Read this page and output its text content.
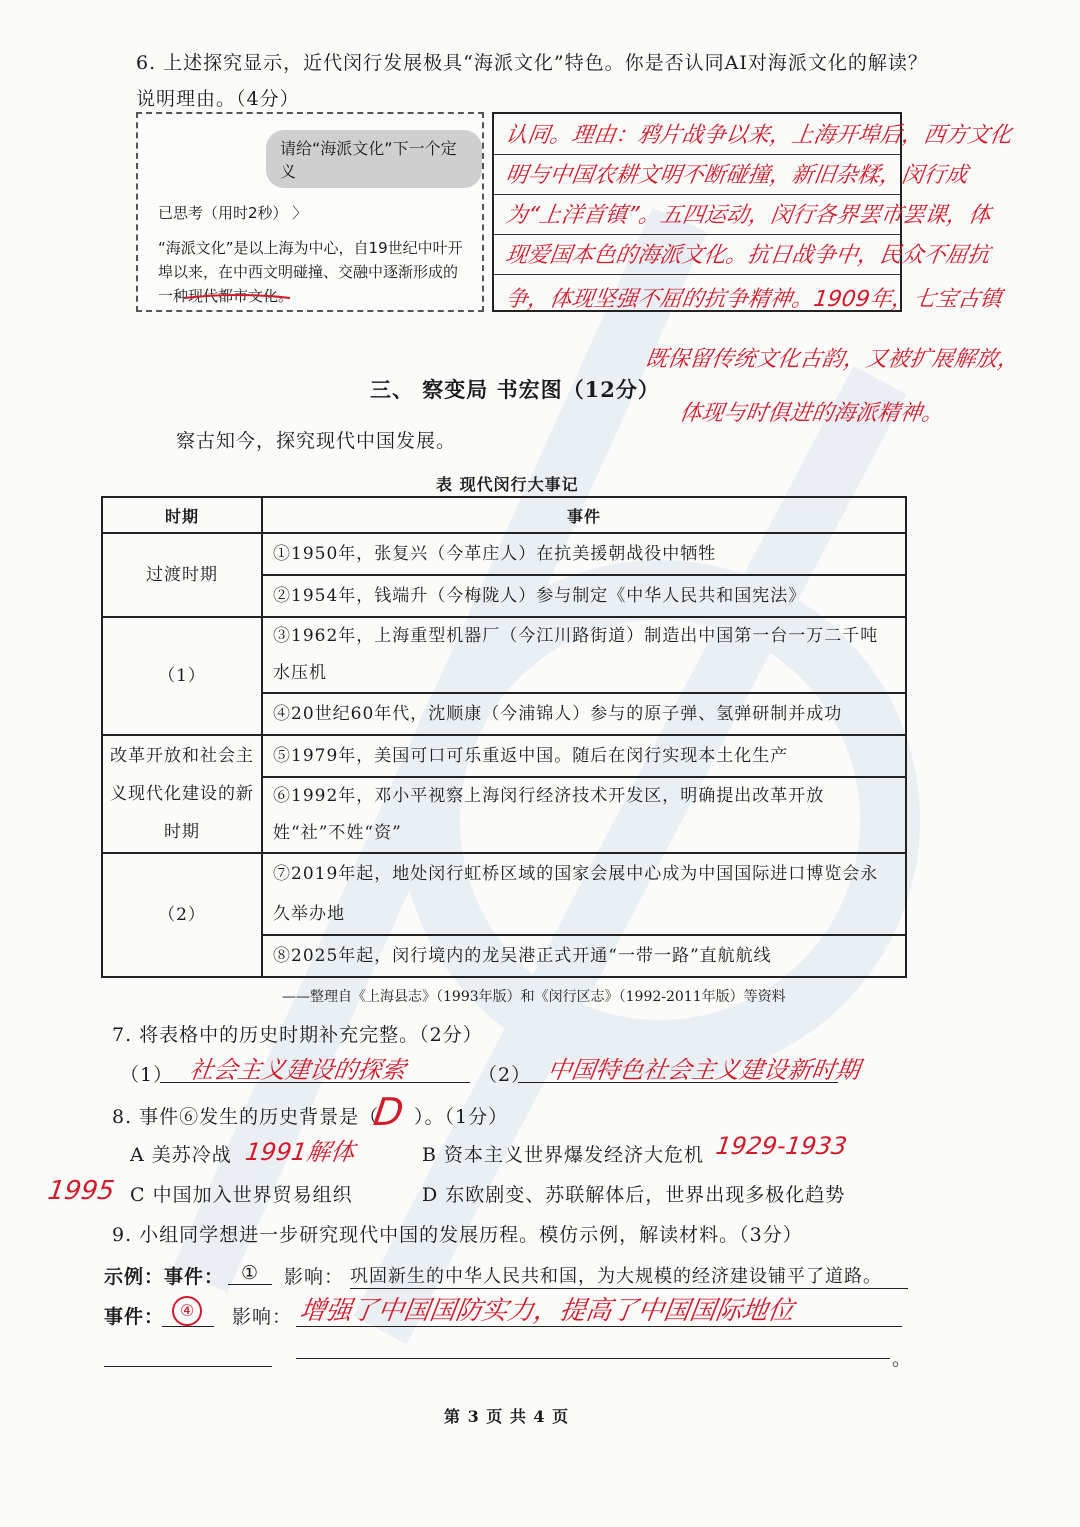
6. 上述探究显示，近代闵行发展极具“海派文化”特色。你是否认同AI对海派文化的解读？
说明理由。（4分）
请给“海派文化”下一个定义
已思考（用时2秒） 〉
“海派文化”是以上海为中心，自19世纪中叶开埠以来，在中西文明碰撞、交融中逐渐形成的一种现代都市文化。
认同。理由：鸦片战争以来，上海开埠后，西方文化
明与中国农耕文明不断碰撞，新旧杂糅，闵行成
为“上洋首镇”。五四运动，闵行各界罢市罢课，体
现爱国本色的海派文化。抗日战争中，民众不屈抗
争，体现坚强不屈的抗争精神。1909年，七宝古镇
既保留传统文化古韵，又被扩展解放，
体现与时俱进的海派精神。
三、 察变局 书宏图（12分）
察古知今，探究现代中国发展。
表 现代闵行大事记
时期	事件
过渡时期	①1950年，张复兴（今革庄人）在抗美援朝战役中牺牲
	②1954年，钱端升（今梅陇人）参与制定《中华人民共和国宪法》
（1）	③1962年，上海重型机器厂（今江川路街道）制造出中国第一台一万二千吨水压机
	④20世纪60年代，沈顺康（今浦锦人）参与的原子弹、氢弹研制并成功
改革开放和社会主义现代化建设的新时期	⑤1979年，美国可口可乐重返中国。随后在闵行实现本土化生产
	⑥1992年，邓小平视察上海闵行经济技术开发区，明确提出改革开放姓“社”不姓“资”
（2）	⑦2019年起，地处闵行虹桥区域的国家会展中心成为中国国际进口博览会永久举办地
	⑧2025年起，闵行境内的龙吴港正式开通“一带一路”直航航线
——整理自《上海县志》（1993年版）和《闵行区志》（1992-2011年版）等资料
7. 将表格中的历史时期补充完整。（2分）
（1） 社会主义建设的探索	（2） 中国特色社会主义建设新时期
8. 事件⑥发生的历史背景是（ ）。（1分）
D
A 美苏冷战 1991解体	B 资本主义世界爆发经济大危机 1929-1933
1995 C 中国加入世界贸易组织	D 东欧剧变、苏联解体后，世界出现多极化趋势
9. 小组同学想进一步研究现代中国的发展历程。模仿示例，解读材料。（3分）
示例：事件： ①	影响： 巩固新生的中华人民共和国，为大规模的经济建设铺平了道路。
事件： ④	影响： 增强了中国国防实力，提高了中国国际地位
。
第 3 页 共 4 页
